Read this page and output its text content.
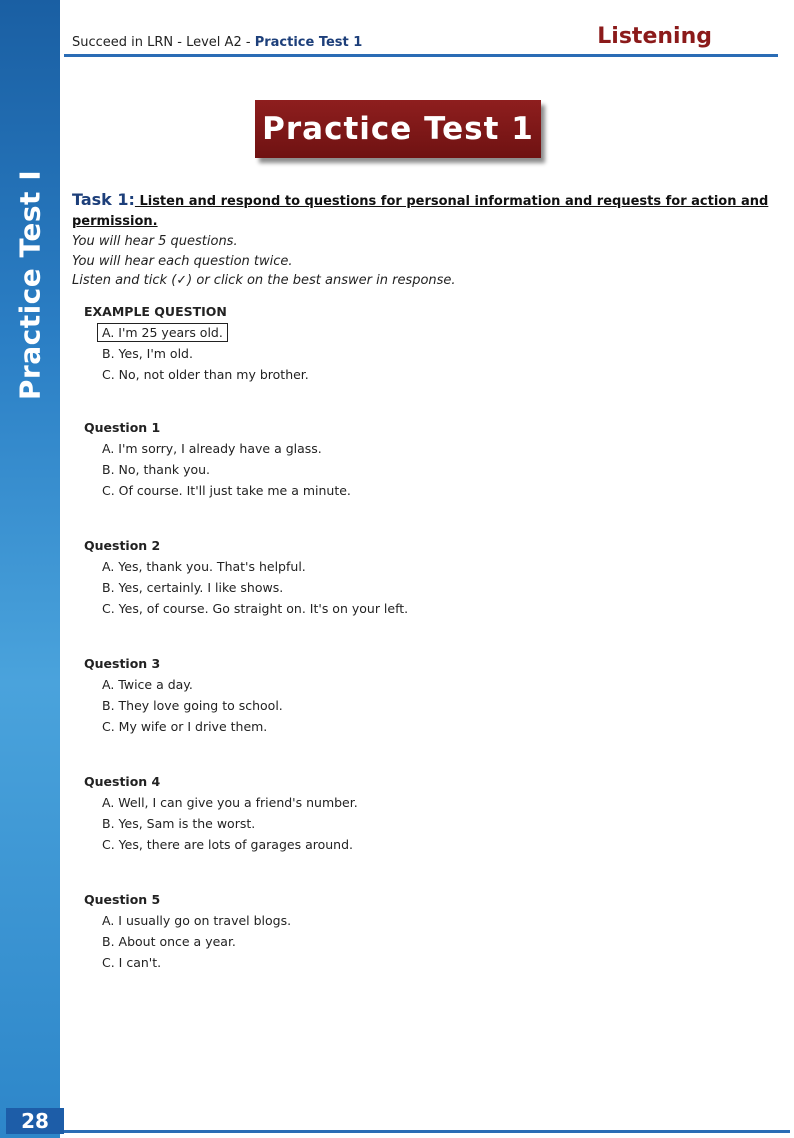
Practice Test I
Succeed in LRN - Level A2 - Practice Test 1	Listening
Practice Test 1
Task 1: Listen and respond to questions for personal information and requests for action and permission.
You will hear 5 questions.
You will hear each question twice.
Listen and tick (✓) or click on the best answer in response.
EXAMPLE QUESTION
A. I'm 25 years old.
B. Yes, I'm old.
C. No, not older than my brother.
Question 1
A. I'm sorry, I already have a glass.
B. No, thank you.
C. Of course. It'll just take me a minute.
Question 2
A. Yes, thank you. That's helpful.
B. Yes, certainly. I like shows.
C. Yes, of course. Go straight on. It's on your left.
Question 3
A. Twice a day.
B. They love going to school.
C. My wife or I drive them.
Question 4
A. Well, I can give you a friend's number.
B. Yes, Sam is the worst.
C. Yes, there are lots of garages around.
Question 5
A. I usually go on travel blogs.
B. About once a year.
C. I can't.
28
